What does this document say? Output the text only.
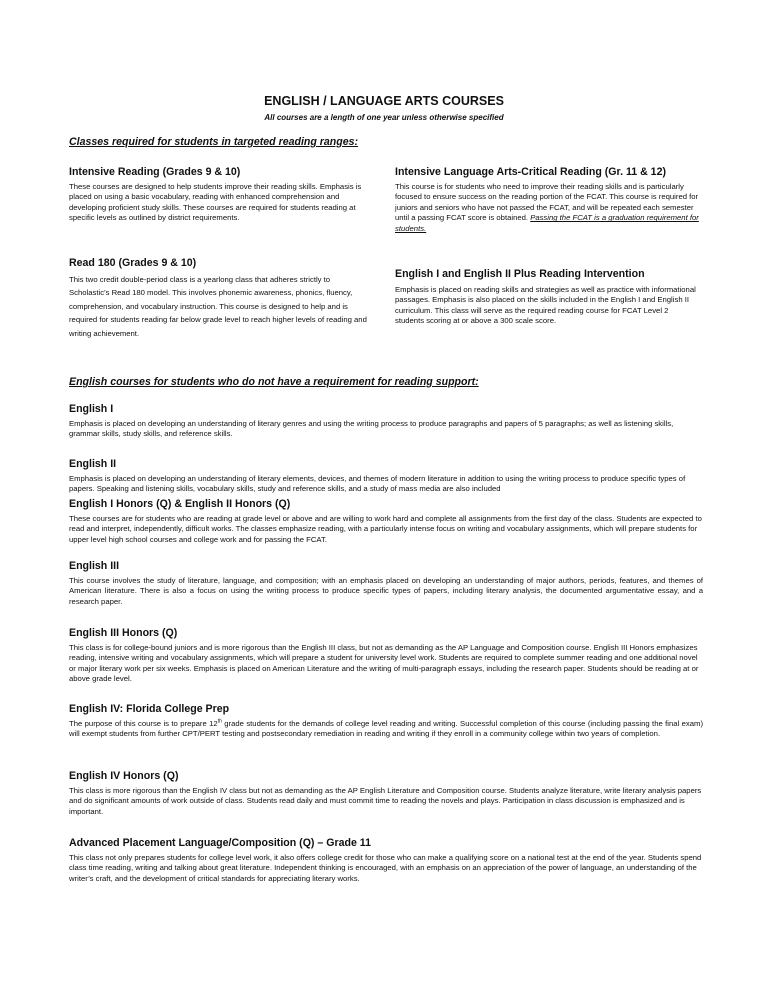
ENGLISH / LANGUAGE ARTS COURSES
All courses are a length of one year unless otherwise specified
Classes required for students in targeted reading ranges:
Intensive Reading (Grades 9 & 10)
These courses are designed to help students improve their reading skills. Emphasis is placed on using a basic vocabulary, reading with enhanced comprehension and developing proficient study skills. These courses are required for students reading at specific levels as outlined by district requirements.
Read 180 (Grades 9 & 10)
This two credit double-period class is a yearlong class that adheres strictly to Scholastic’s Read 180 model. This involves phonemic awareness, phonics, fluency, comprehension, and vocabulary instruction. This course is designed to help and is required for students reading far below grade level to reach higher levels of reading and writing achievement.
Intensive Language Arts-Critical Reading (Gr. 11 & 12)
This course is for students who need to improve their reading skills and is particularly focused to ensure success on the reading portion of the FCAT. This course is required for juniors and seniors who have not passed the FCAT, and will be repeated each semester until a passing FCAT score is obtained. Passing the FCAT is a graduation requirement for students.
English I and English II Plus Reading Intervention
Emphasis is placed on reading skills and strategies as well as practice with informational passages. Emphasis is also placed on the skills included in the English I and English II curriculum. This class will serve as the required reading course for FCAT Level 2 students scoring at or above a 300 scale score.
English courses for students who do not have a requirement for reading support:
English I
Emphasis is placed on developing an understanding of literary genres and using the writing process to produce paragraphs and papers of 5 paragraphs; as well as listening skills, grammar skills, study skills, and reference skills.
English II
Emphasis is placed on developing an understanding of literary elements, devices, and themes of modern literature in addition to using the writing process to produce specific types of papers. Speaking and listening skills, vocabulary skills, study and reference skills, and a study of mass media are also included
English I Honors (Q) & English II Honors (Q)
These courses are for students who are reading at grade level or above and are willing to work hard and complete all assignments from the first day of the class. Students are expected to read and interpret, independently, difficult works. The classes emphasize reading, with a particularly intense focus on writing and vocabulary assignments, which will prepare students for upper level high school courses and college work and for passing the FCAT.
English III
This course involves the study of literature, language, and composition; with an emphasis placed on developing an understanding of major authors, periods, features, and themes of American literature. There is also a focus on using the writing process to produce specific types of papers, including literary analysis, the documented argumentative essay, and a research paper.
English III Honors (Q)
This class is for college-bound juniors and is more rigorous than the English III class, but not as demanding as the AP Language and Composition course. English III Honors emphasizes reading, intensive writing and vocabulary assignments, which will prepare a student for university level work. Students are required to complete summer reading and one additional novel or major literary work per six weeks. Emphasis is placed on American Literature and the writing of multi-paragraph essays, including the research paper. Students should be reading at or above grade level.
English IV: Florida College Prep
The purpose of this course is to prepare 12th grade students for the demands of college level reading and writing. Successful completion of this course (including passing the final exam) will exempt students from further CPT/PERT testing and postsecondary remediation in reading and writing if they enroll in a community college within two years of completion.
English IV Honors (Q)
This class is more rigorous than the English IV class but not as demanding as the AP English Literature and Composition course. Students analyze literature, write literary analysis papers and do significant amounts of work outside of class. Students read daily and must commit time to reading the novels and plays. Participation in class discussion is emphasized and is important.
Advanced Placement Language/Composition (Q) – Grade 11
This class not only prepares students for college level work, it also offers college credit for those who can make a qualifying score on a national test at the end of the year. Students spend class time reading, writing and talking about great literature. Independent thinking is encouraged, with an emphasis on an appreciation of the power of language, an understanding of the writer’s craft, and the development of critical standards for appreciating literary works.
